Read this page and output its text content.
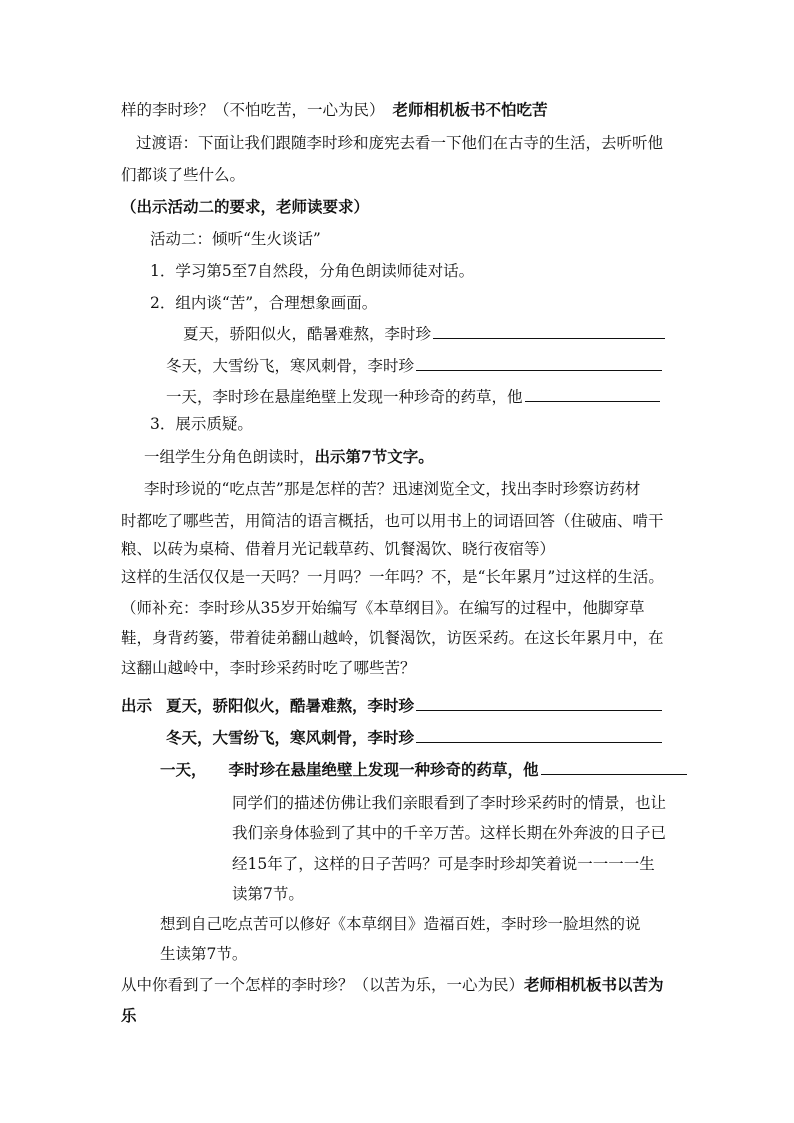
样的李时珍？（不怕吃苦，一心为民） 老师相机板书不怕吃苦
过渡语：下面让我们跟随李时珍和庞宪去看一下他们在古寺的生活，去听听他
们都谈了些什么。
（出示活动二的要求，老师读要求）
活动二：倾听“生火谈话”
1．学习第5至7自然段，分角色朗读师徒对话。
2．组内谈“苦”，合理想象画面。
夏天，骄阳似火，酷暑难熬，李时珍
冬天，大雪纷飞，寒风刺骨，李时珍
一天，李时珍在悬崖绝壁上发现一种珍奇的药草，他
3．展示质疑。
一组学生分角色朗读时，出示第7节文字。
李时珍说的“吃点苦”那是怎样的苦？迅速浏览全文，找出李时珍察访药材
时都吃了哪些苦，用简洁的语言概括，也可以用书上的词语回答（住破庙、啃干
粮、以砖为桌椅、借着月光记载草药、饥餐渴饮、晓行夜宿等）
这样的生活仅仅是一天吗？一月吗？一年吗？不，是“长年累月”过这样的生活。
（师补充：李时珍从35岁开始编写《本草纲目》。在编写的过程中，他脚穿草
鞋，身背药篓，带着徒弟翻山越岭，饥餐渴饮，访医采药。在这长年累月中，在
这翻山越岭中，李时珍采药时吃了哪些苦？
出示 夏天，骄阳似火，酷暑难熬，李时珍
冬天，大雪纷飞，寒风刺骨，李时珍
一天， 李时珍在悬崖绝壁上发现一种珍奇的药草，他
同学们的描述仿佛让我们亲眼看到了李时珍采药时的情景，也让
我们亲身体验到了其中的千辛万苦。这样长期在外奔波的日子已
经15年了，这样的日子苦吗？可是李时珍却笑着说一一一一生
读第7节。
想到自己吃点苦可以修好《本草纲目》造福百姓，李时珍一脸坦然的说
生读第7节。
从中你看到了一个怎样的李时珍？（以苦为乐，一心为民）老师相机板书以苦为
乐
